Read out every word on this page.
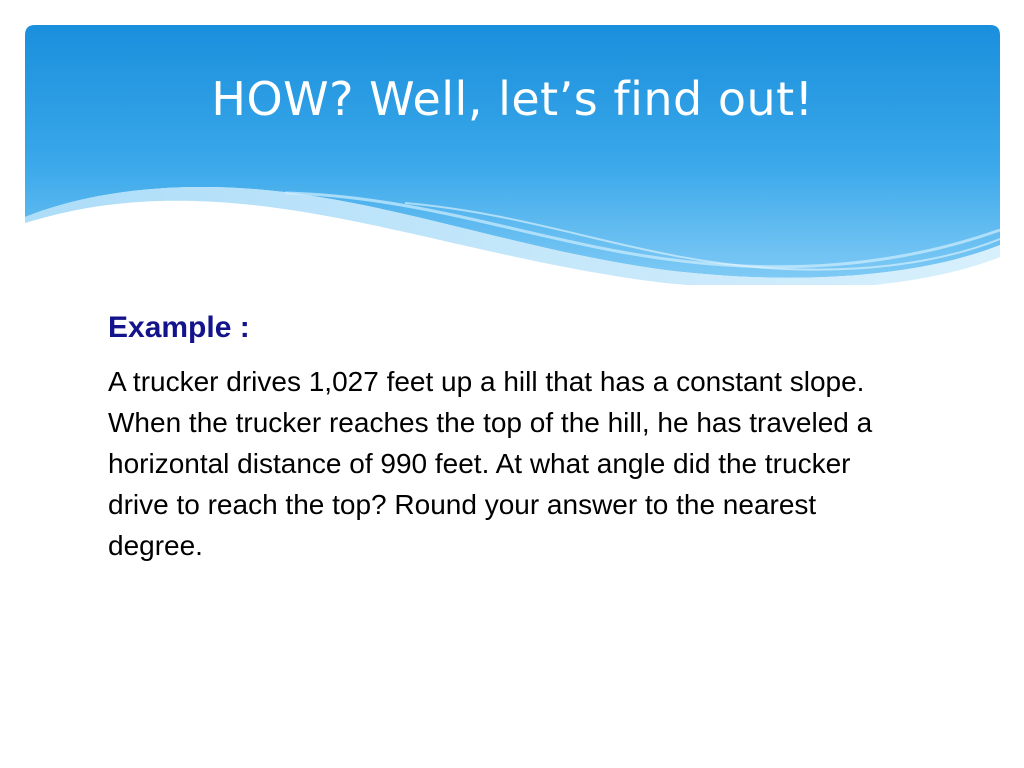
HOW? Well, let’s find out!

Example :

A trucker drives 1,027 feet up a hill that has a constant slope. When the trucker reaches the top of the hill, he has traveled a horizontal distance of 990 feet. At what angle did the trucker drive to reach the top? Round your answer to the nearest degree.
